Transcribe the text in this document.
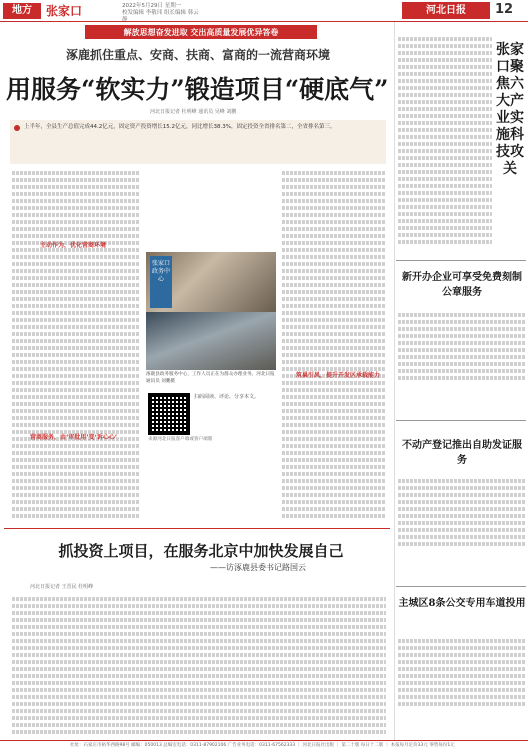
地方	张家口	2022年5月29日 星期一
校发编辑 李敬玮 组长编辑 韩云静
河北日报	12
解放思想奋发进取 交出高质量发展优异答卷
涿鹿抓住重点、安商、扶商、富商的一流营商环境
用服务“软实力”锻造项目“硬底气”
河北日报记者 杜明峰 通讯员 吴峰 刘鹏
上半年，全县生产总值完成44.2亿元，固定资产投资增长15.2亿元，同比增长38.3%，固定投资全省排名第二，全省排名第三。
主动作为，优化营商环境
营商服务，由‘审批用’变‘诉心心’
张家口政务中心
涿鹿县政务服务中心，工作人员正在为群众办理业务。河北日报通讯员 刘鹏摄
扫码阅读、评论、分享本文。
来源河北日报客户端或客户端版
筑巢引凤，提升开发区承载能力
抓投资上项目，在服务北京中加快发展自己
——访涿鹿县委书记路国云
河北日报记者 王晋民 杜明峰
张家口聚焦六大产业实施科技攻关
新开办企业可享受免费刻制公章服务
不动产登记推出自助发证服务
主城区8条公交专用车道投用
社址：石家庄市裕华西路98号 邮编：050013 总编室电话：0311-87902106 广告业务电话：0311-67562333 ｜ 河北日报社出版 ｜ 第二十版 每日十二版 ｜ 本报每月定价33元 零售每份1元
